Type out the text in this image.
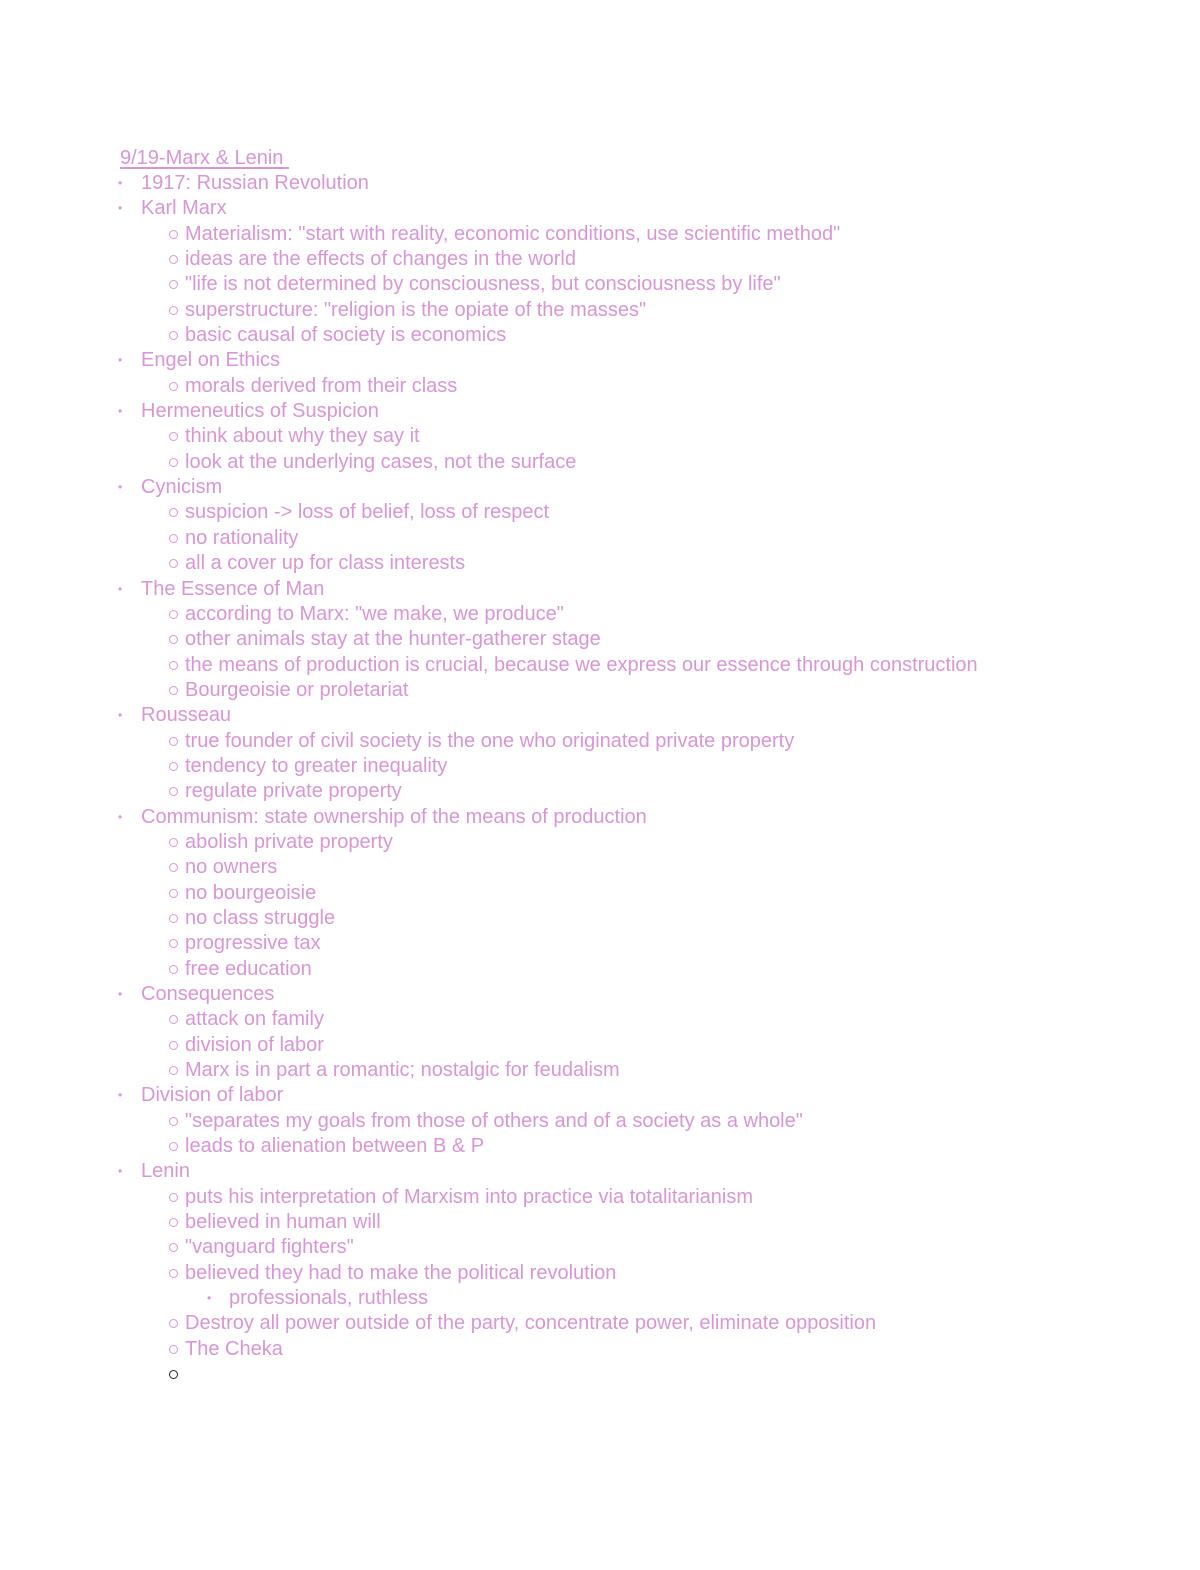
9/19-Marx & Lenin
• 1917: Russian Revolution
• Karl Marx
Materialism: "start with reality, economic conditions, use scientific method"
ideas are the effects of changes in the world
"life is not determined by consciousness, but consciousness by life"
superstructure: "religion is the opiate of the masses"
basic causal of society is economics
• Engel on Ethics
morals derived from their class
• Hermeneutics of Suspicion
think about why they say it
look at the underlying cases, not the surface
• Cynicism
suspicion -> loss of belief, loss of respect
no rationality
all a cover up for class interests
• The Essence of Man
according to Marx: "we make, we produce"
other animals stay at the hunter-gatherer stage
the means of production is crucial, because we express our essence through construction
Bourgeoisie or proletariat
• Rousseau
true founder of civil society is the one who originated private property
tendency to greater inequality
regulate private property
• Communism: state ownership of the means of production
abolish private property
no owners
no bourgeoisie
no class struggle
progressive tax
free education
• Consequences
attack on family
division of labor
Marx is in part a romantic; nostalgic for feudalism
• Division of labor
"separates my goals from those of others and of a society as a whole"
leads to alienation between B & P
• Lenin
puts his interpretation of Marxism into practice via totalitarianism
believed in human will
"vanguard fighters"
believed they had to make the political revolution
• professionals, ruthless
Destroy all power outside of the party, concentrate power, eliminate opposition
The Cheka
